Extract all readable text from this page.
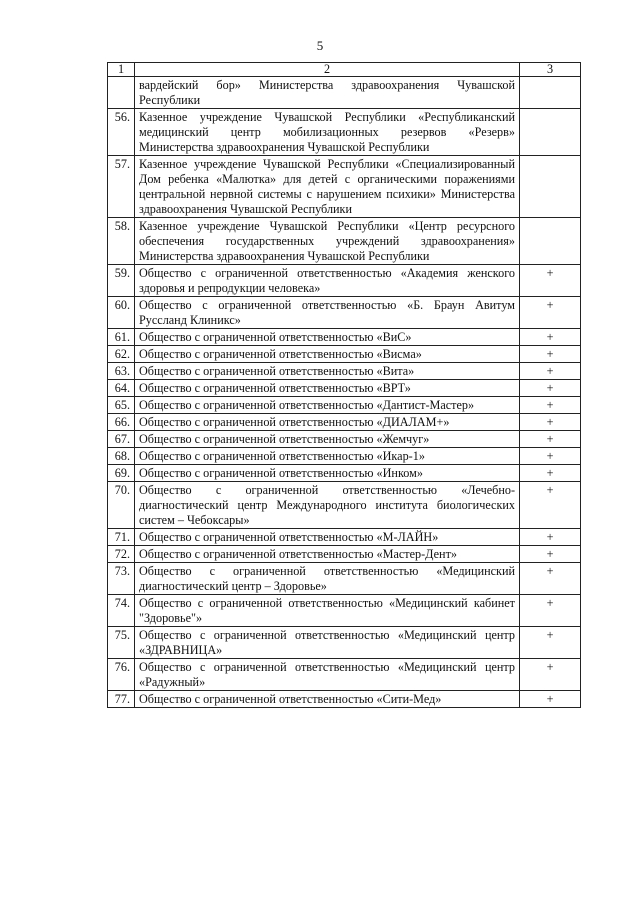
5
1	2	3
	вардейский бор» Министерства здравоохранения Чувашской Республики	
56.	Казенное учреждение Чувашской Республики «Республиканский медицинский центр мобилизационных резервов «Резерв» Министерства здравоохранения Чувашской Республики	
57.	Казенное учреждение Чувашской Республики «Специализированный Дом ребенка «Малютка» для детей с органическими поражениями центральной нервной системы с нарушением психики» Министерства здравоохранения Чувашской Республики	
58.	Казенное учреждение Чувашской Республики «Центр ресурсного обеспечения государственных учреждений здравоохранения» Министерства здравоохранения Чувашской Республики	
59.	Общество с ограниченной ответственностью «Академия женского здоровья и репродукции человека»	+
60.	Общество с ограниченной ответственностью «Б. Браун Авитум Руссланд Клиникс»	+
61.	Общество с ограниченной ответственностью «ВиС»	+
62.	Общество с ограниченной ответственностью «Висма»	+
63.	Общество с ограниченной ответственностью «Вита»	+
64.	Общество с ограниченной ответственностью «ВРТ»	+
65.	Общество с ограниченной ответственностью «Дантист-Мастер»	+
66.	Общество с ограниченной ответственностью «ДИАЛАМ+»	+
67.	Общество с ограниченной ответственностью «Жемчуг»	+
68.	Общество с ограниченной ответственностью «Икар-1»	+
69.	Общество с ограниченной ответственностью «Инком»	+
70.	Общество с ограниченной ответственностью «Лечебно-диагностический центр Международного института биологических систем – Чебоксары»	+
71.	Общество с ограниченной ответственностью «М-ЛАЙН»	+
72.	Общество с ограниченной ответственностью «Мастер-Дент»	+
73.	Общество с ограниченной ответственностью «Медицинский диагностический центр – Здоровье»	+
74.	Общество с ограниченной ответственностью «Медицинский кабинет "Здоровье"»	+
75.	Общество с ограниченной ответственностью «Медицинский центр «ЗДРАВНИЦА»	+
76.	Общество с ограниченной ответственностью «Медицинский центр «Радужный»	+
77.	Общество с ограниченной ответственностью «Сити-Мед»	+
